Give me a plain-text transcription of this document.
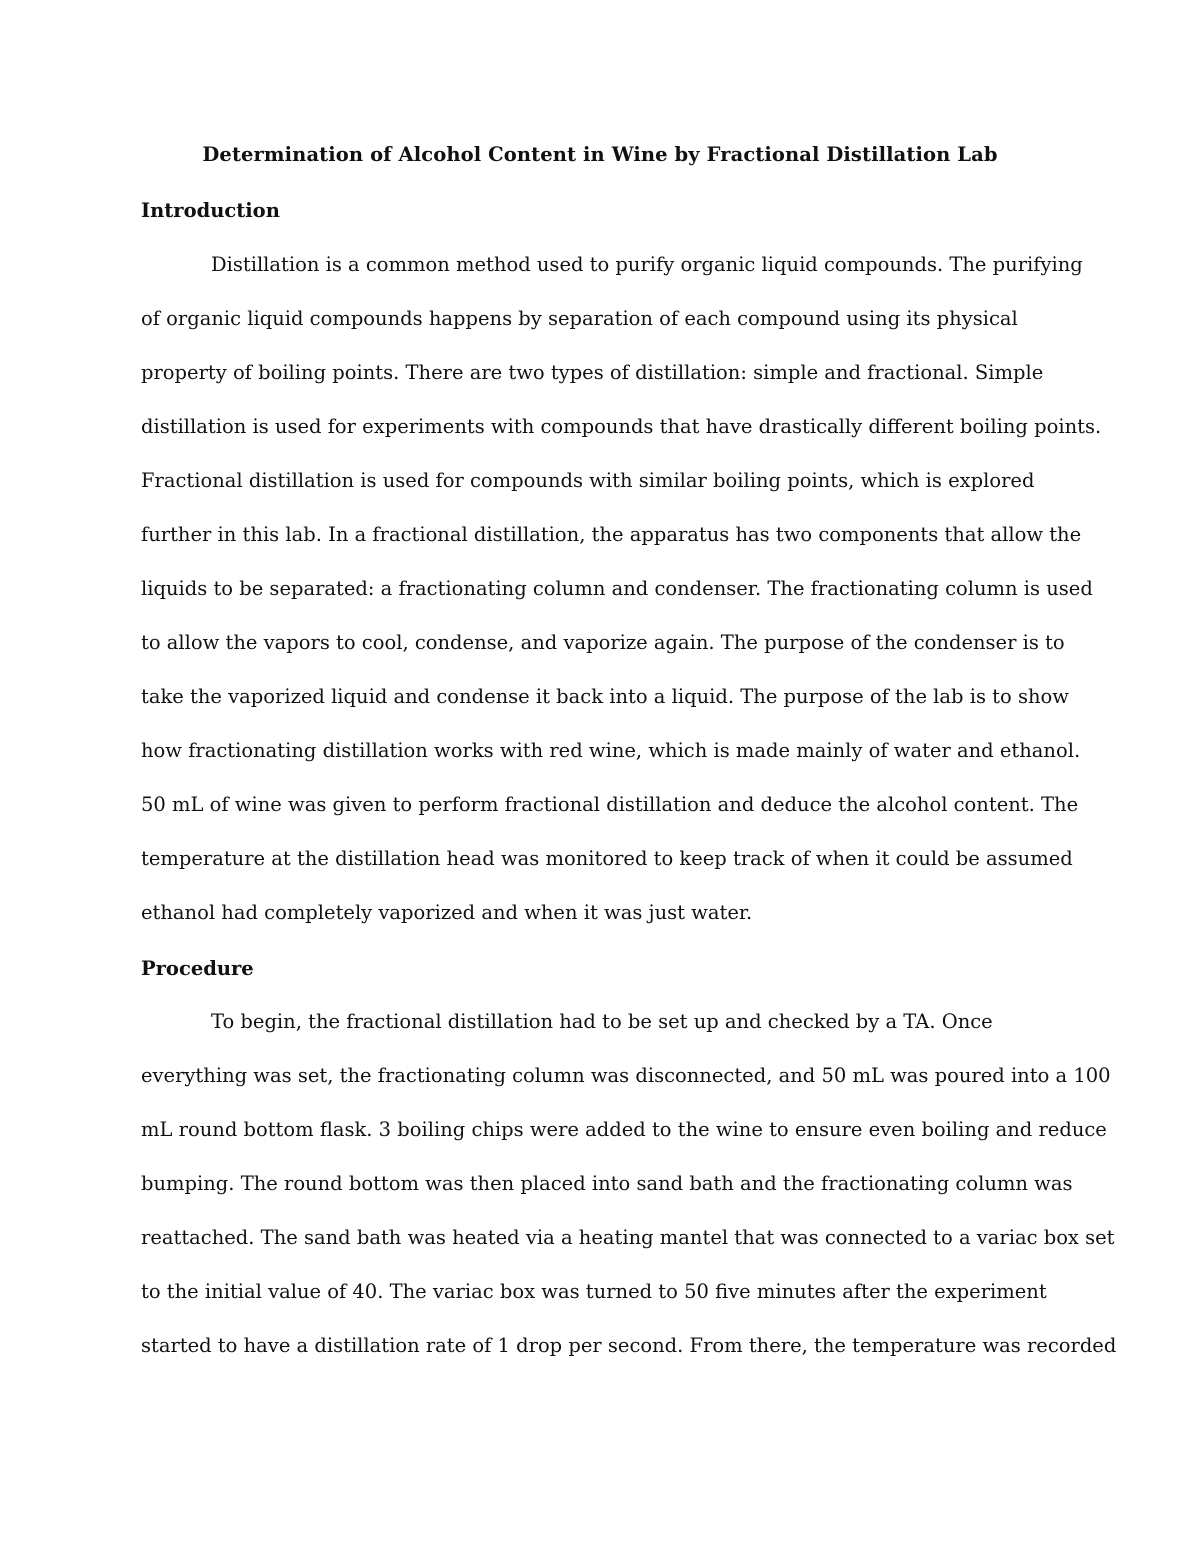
Determination of Alcohol Content in Wine by Fractional Distillation Lab
Introduction
Distillation is a common method used to purify organic liquid compounds. The purifying
of organic liquid compounds happens by separation of each compound using its physical
property of boiling points. There are two types of distillation: simple and fractional. Simple
distillation is used for experiments with compounds that have drastically different boiling points.
Fractional distillation is used for compounds with similar boiling points, which is explored
further in this lab. In a fractional distillation, the apparatus has two components that allow the
liquids to be separated: a fractionating column and condenser. The fractionating column is used
to allow the vapors to cool, condense, and vaporize again. The purpose of the condenser is to
take the vaporized liquid and condense it back into a liquid. The purpose of the lab is to show
how fractionating distillation works with red wine, which is made mainly of water and ethanol.
50 mL of wine was given to perform fractional distillation and deduce the alcohol content. The
temperature at the distillation head was monitored to keep track of when it could be assumed
ethanol had completely vaporized and when it was just water.
Procedure
To begin, the fractional distillation had to be set up and checked by a TA. Once
everything was set, the fractionating column was disconnected, and 50 mL was poured into a 100
mL round bottom flask. 3 boiling chips were added to the wine to ensure even boiling and reduce
bumping. The round bottom was then placed into sand bath and the fractionating column was
reattached. The sand bath was heated via a heating mantel that was connected to a variac box set
to the initial value of 40. The variac box was turned to 50 five minutes after the experiment
started to have a distillation rate of 1 drop per second. From there, the temperature was recorded
